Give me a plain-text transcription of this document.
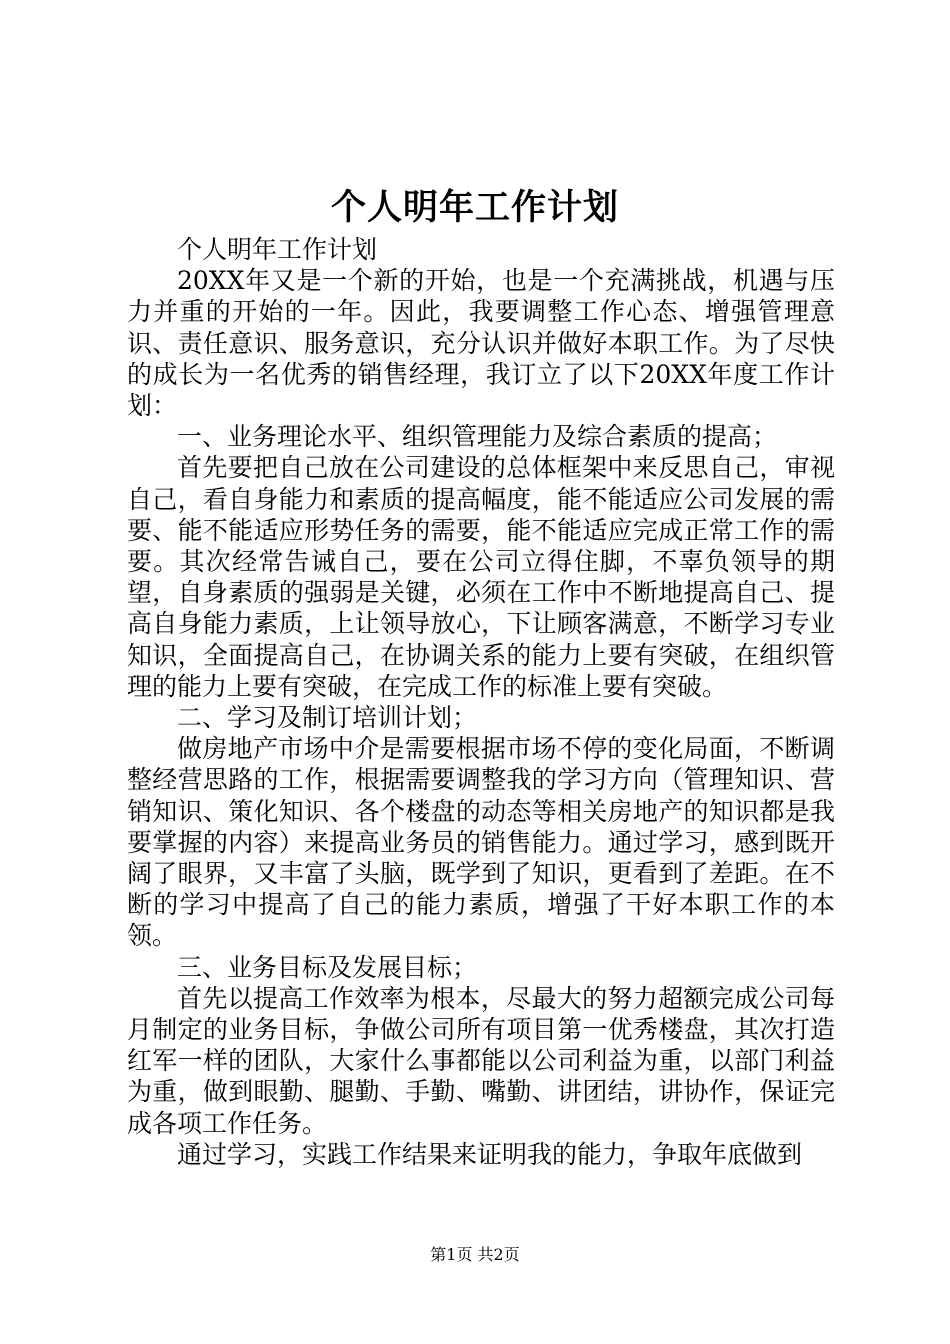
个人明年工作计划

个人明年工作计划

20XX年又是一个新的开始，也是一个充满挑战，机遇与压力并重的开始的一年。因此，我要调整工作心态、增强管理意识、责任意识、服务意识，充分认识并做好本职工作。为了尽快的成长为一名优秀的销售经理，我订立了以下20XX年度工作计划：

一、业务理论水平、组织管理能力及综合素质的提高；

首先要把自己放在公司建设的总体框架中来反思自己，审视自己，看自身能力和素质的提高幅度，能不能适应公司发展的需要、能不能适应形势任务的需要，能不能适应完成正常工作的需要。其次经常告诫自己，要在公司立得住脚，不辜负领导的期望，自身素质的强弱是关键，必须在工作中不断地提高自己、提高自身能力素质，上让领导放心，下让顾客满意，不断学习专业知识，全面提高自己，在协调关系的能力上要有突破，在组织管理的能力上要有突破，在完成工作的标准上要有突破。

二、学习及制订培训计划；

做房地产市场中介是需要根据市场不停的变化局面，不断调整经营思路的工作，根据需要调整我的学习方向（管理知识、营销知识、策化知识、各个楼盘的动态等相关房地产的知识都是我要掌握的内容）来提高业务员的销售能力。通过学习，感到既开阔了眼界，又丰富了头脑，既学到了知识，更看到了差距。在不断的学习中提高了自己的能力素质，增强了干好本职工作的本领。

三、业务目标及发展目标；

首先以提高工作效率为根本，尽最大的努力超额完成公司每月制定的业务目标，争做公司所有项目第一优秀楼盘，其次打造红军一样的团队，大家什么事都能以公司利益为重，以部门利益为重，做到眼勤、腿勤、手勤、嘴勤、讲团结，讲协作，保证完成各项工作任务。

通过学习，实践工作结果来证明我的能力，争取年底做到

第1页 共2页
